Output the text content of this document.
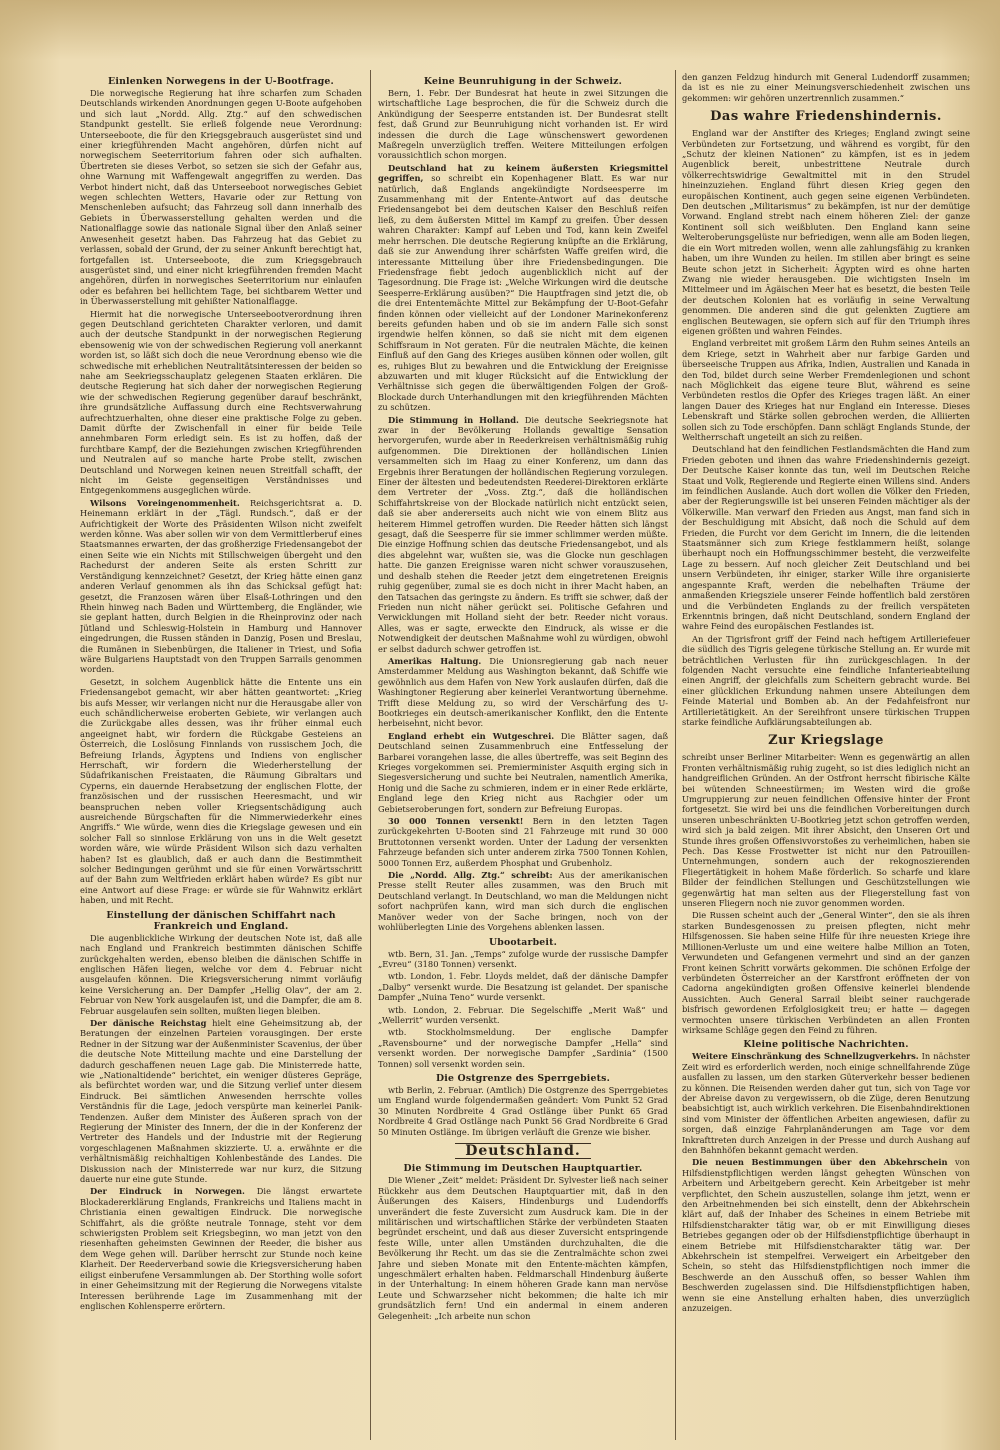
Einlenken Norwegens in der U-Bootfrage.

Die norwegische Regierung hat ihre scharfen zum Schaden Deutschlands wirkenden Anordnungen gegen U-Boote aufgehoben und sich laut „Nordd. Allg. Ztg.“ auf den schwedischen Standpunkt gestellt. Sie erließ folgende neue Verordnung: Unterseeboote, die für den Kriegsgebrauch ausgerüstet sind und einer kriegführenden Macht angehören, dürfen nicht auf norwegischem Seeterritorium fahren oder sich aufhalten. Übertreten sie dieses Verbot, so setzen sie sich der Gefahr aus, ohne Warnung mit Waffengewalt angegriffen zu werden. Das Verbot hindert nicht, daß das Unterseeboot norwegisches Gebiet wegen schlechten Wetters, Havarie oder zur Rettung von Menschenleben aufsucht; das Fahrzeug soll dann innerhalb des Gebiets in Überwasserstellung gehalten werden und die Nationalflagge sowie das nationale Signal über den Anlaß seiner Anwesenheit gesetzt haben. Das Fahrzeug hat das Gebiet zu verlassen, sobald der Grund, der zu seiner Ankunft berechtigt hat, fortgefallen ist. Unterseeboote, die zum Kriegsgebrauch ausgerüstet sind, und einer nicht kriegführenden fremden Macht angehören, dürfen in norwegisches Seeterritorium nur einlaufen oder es befahren bei hellichtem Tage, bei sichtbarem Wetter und in Überwasserstellung mit gehißter Nationalflagge.

Hiermit hat die norwegische Unterseebootverordnung ihren gegen Deutschland gerichteten Charakter verloren, und damit auch der deutsche Standpunkt in der norwegischen Regierung ebensowenig wie von der schwedischen Regierung voll anerkannt worden ist, so läßt sich doch die neue Verordnung ebenso wie die schwedische mit erheblichen Neutralitätsinteressen der beiden so nahe am Seekriegsschauplatz gelegenen Staaten erklären. Die deutsche Regierung hat sich daher der norwegischen Regierung wie der schwedischen Regierung gegenüber darauf beschränkt, ihre grundsätzliche Auffassung durch eine Rechtsverwahrung aufrechtzuerhalten, ohne dieser eine praktische Folge zu geben. Damit dürfte der Zwischenfall in einer für beide Teile annehmbaren Form erledigt sein. Es ist zu hoffen, daß der furchtbare Kampf, der die Beziehungen zwischen Kriegführenden und Neutralen auf so manche harte Probe stellt, zwischen Deutschland und Norwegen keinen neuen Streitfall schafft, der nicht im Geiste gegenseitigen Verständnisses und Entgegenkommens ausgeglichen würde.

Wilsons Voreingenommenheit. Reichsgerichtsrat a. D. Heinemann erklärt in der „Tägl. Rundsch.“, daß er der Aufrichtigkeit der Worte des Präsidenten Wilson nicht zweifelt werden könne. Was aber sollen wir von dem Vermittlerberuf eines Staatsmannes erwarten, der das großherzige Friedensangebot der einen Seite wie ein Nichts mit Stillschweigen übergeht und den Rachedurst der anderen Seite als ersten Schritt zur Verständigung kennzeichnet? Gesetzt, der Krieg hätte einen ganz anderen Verlauf genommen als ihn das Schicksal gefügt hat: gesetzt, die Franzosen wären über Elsaß-Lothringen und den Rhein hinweg nach Baden und Württemberg, die Engländer, wie sie geplant hatten, durch Belgien in die Rheinprovinz oder nach Jütland und Schleswig-Holstein in Hamburg und Hannover eingedrungen, die Russen ständen in Danzig, Posen und Breslau, die Rumänen in Siebenbürgen, die Italiener in Triest, und Sofia wäre Bulgariens Hauptstadt von den Truppen Sarrails genommen worden.

Gesetzt, in solchem Augenblick hätte die Entente uns ein Friedensangebot gemacht, wir aber hätten geantwortet: „Krieg bis aufs Messer, wir verlangen nicht nur die Herausgabe aller von euch schändlicherweise eroberten Gebiete, wir verlangen auch die Zurückgabe alles dessen, was ihr früher einmal euch angeeignet habt, wir fordern die Rückgabe Gesteiens an Österreich, die Loslösung Finnlands von russischem Joch, die Befreiung Irlands, Ägyptens und Indiens von englischer Herrschaft, wir fordern die Wiederherstellung der Südafrikanischen Freistaaten, die Räumung Gibraltars und Cyperns, ein dauernde Herabsetzung der englischen Flotte, der französischen und der russischen Heeresmacht, und wir beanspruchen neben voller Kriegsentschädigung auch ausreichende Bürgschaften für die Nimmerwiederkehr eines Angriffs.“ Wie würde, wenn dies die Kriegslage gewesen und ein solcher Fall so sinnlose Erklärung von uns in die Welt gesetzt worden wäre, wie würde Präsident Wilson sich dazu verhalten haben? Ist es glaublich, daß er auch dann die Bestimmtheit solcher Bedingungen gerühmt und sie für einen Vorwärtsschritt auf der Bahn zum Weltfrieden erklärt haben würde? Es gibt nur eine Antwort auf diese Frage: er würde sie für Wahnwitz erklärt haben, und mit Recht.

Einstellung der dänischen Schiffahrt nach Frankreich und England.

Die augenblickliche Wirkung der deutschen Note ist, daß alle nach England und Frankreich bestimmten dänischen Schiffe zurückgehalten werden, ebenso bleiben die dänischen Schiffe in englischen Häfen liegen, welche vor dem 4. Februar nicht ausgelaufen können. Die Kriegsversicherung nimmt vorläufig keine Versicherung an. Der Dampfer „Hellig Olav“, der am 2. Februar von New York ausgelaufen ist, und die Dampfer, die am 8. Februar ausgelaufen sein sollten, mußten liegen bleiben.

Der dänische Reichstag hielt eine Geheimsitzung ab, der Beratungen der einzelnen Parteien vorausgingen. Der erste Redner in der Sitzung war der Außenminister Scavenius, der über die deutsche Note Mitteilung machte und eine Darstellung der dadurch geschaffenen neuen Lage gab. Die Ministerrede hatte, wie „Nationaltidende“ berichtet, ein weniger düsteres Gepräge, als befürchtet worden war, und die Sitzung verlief unter diesem Eindruck. Bei sämtlichen Anwesenden herrschte volles Verständnis für die Lage, jedoch verspürte man keinerlei Panik-Tendenzen. Außer dem Minister des Äußeren sprach von der Regierung der Minister des Innern, der die in der Konferenz der Vertreter des Handels und der Industrie mit der Regierung vorgeschlagenen Maßnahmen skizzierte. U. a. erwähnte er die verhältnismäßig reichhaltigen Kohlenbestände des Landes. Die Diskussion nach der Ministerrede war nur kurz, die Sitzung dauerte nur eine gute Stunde.

Der Eindruck in Norwegen. Die längst erwartete Blockadererklärung Englands, Frankreichs und Italiens macht in Christiania einen gewaltigen Eindruck. Die norwegische Schiffahrt, als die größte neutrale Tonnage, steht vor dem schwierigsten Problem seit Kriegsbeginn, wo man jetzt von den riesenhaften geheimsten Gewinnen der Reeder, die bisher aus dem Wege gehen will. Darüber herrscht zur Stunde noch keine Klarheit. Der Reederverband sowie die Kriegsversicherung haben eiligst einberufene Versammlungen ab. Der Storthing wolle sofort in einer Geheimsitzung mit der Regierung die Norwegens vitalste Interessen berührende Lage im Zusammenhang mit der englischen Kohlensperre erörtern.

Keine Beunruhigung in der Schweiz.

Bern, 1. Febr. Der Bundesrat hat heute in zwei Sitzungen die wirtschaftliche Lage besprochen, die für die Schweiz durch die Ankündigung der Seesperre entstanden ist. Der Bundesrat stellt fest, daß Grund zur Beunruhigung nicht vorhanden ist. Er wird indessen die durch die Lage wünschenswert gewordenen Maßregeln unverzüglich treffen. Weitere Mitteilungen erfolgen voraussichtlich schon morgen.

Deutschland hat zu keinem äußersten Kriegsmittel gegriffen, so schreibt ein Kopenhagener Blatt. Es war nur natürlich, daß Englands angekündigte Nordseesperre im Zusammenhang mit der Entente-Antwort auf das deutsche Friedensangebot bei dem deutschen Kaiser den Beschluß reifen ließ, zu dem äußersten Mittel im Kampf zu greifen. Über dessen wahren Charakter: Kampf auf Leben und Tod, kann kein Zweifel mehr herrschen. Die deutsche Regierung knüpfte an die Erklärung, daß sie zur Anwendung ihrer schärfsten Waffe greifen wird, die interessante Mitteilung über ihre Friedensbedingungen. Die Friedensfrage fiebt jedoch augenblicklich nicht auf der Tagesordnung. Die Frage ist: „Welche Wirkungen wird die deutsche Seesperre-Erklärung ausüben?“ Die Hauptfragen sind jetzt die, ob die drei Ententemächte Mittel zur Bekämpfung der U-Boot-Gefahr finden können oder vielleicht auf der Londoner Marinekonferenz bereits gefunden haben und ob sie im andern Falle sich sonst irgendwie helfen können, so daß sie nicht mit dem eigenen Schiffsraum in Not geraten. Für die neutralen Mächte, die keinen Einfluß auf den Gang des Krieges ausüben können oder wollen, gilt es, ruhiges Blut zu bewahren und die Entwicklung der Ereignisse abzuwarten und mit kluger Rücksicht auf die Entwicklung der Verhältnisse sich gegen die überwältigenden Folgen der Groß-Blockade durch Unterhandlungen mit den kriegführenden Mächten zu schützen.

Die Stimmung in Holland. Die deutsche Seekriegsnote hat zwar in der Bevölkerung Hollands gewaltige Sensation hervorgerufen, wurde aber in Reederkreisen verhältnismäßig ruhig aufgenommen. Die Direktionen der holländischen Linien versammelten sich im Haag zu einer Konferenz, um dann das Ergebnis ihrer Beratungen der holländischen Regierung vorzulegen. Einer der ältesten und bedeutendsten Reederei-Direktoren erklärte dem Vertreter der „Voss. Ztg.“, daß die holländischen Schiffahrtskreise von der Blockade natürlich nicht entzückt seien, daß sie aber andererseits auch nicht wie von einem Blitz aus heiterem Himmel getroffen wurden. Die Reeder hätten sich längst gesagt, daß die Seesperre für sie immer schlimmer werden müßte. Die einzige Hoffnung schien das deutsche Friedensangebot, und als dies abgelehnt war, wußten sie, was die Glocke nun geschlagen hatte. Die ganzen Ereignisse waren nicht schwer vorauszusehen, und deshalb stehen die Reeder jetzt dem eingetretenen Ereignis ruhig gegenüber, zumal sie es doch nicht in ihrer Macht haben, an den Tatsachen das geringste zu ändern. Es trifft sie schwer, daß der Frieden nun nicht näher gerückt sei. Politische Gefahren und Verwicklungen mit Holland sieht der betr. Reeder nicht voraus. Alles, was er sagte, erweckte den Eindruck, als wisse er die Notwendigkeit der deutschen Maßnahme wohl zu würdigen, obwohl er selbst dadurch schwer getroffen ist.

Amerikas Haltung. Die Unionsregierung gab nach neuer Amsterdammer Meldung aus Washington bekannt, daß Schiffe wie gewöhnlich aus dem Hafen von New York auslaufen dürfen, daß die Washingtoner Regierung aber keinerlei Verantwortung übernehme. Trifft diese Meldung zu, so wird der Verschärfung des U-Bootkrieges ein deutsch-amerikanischer Konflikt, den die Entente herbeisehnt, nicht bevor.

England erhebt ein Wutgeschrei. Die Blätter sagen, daß Deutschland seinen Zusammenbruch eine Entfesselung der Barbarei vorangehen lasse, die alles übertreffe, was seit Beginn des Krieges vorgekommen sei. Premierminister Asquith erging sich in Siegesversicherung und suchte bei Neutralen, namentlich Amerika, Honig und die Sache zu schmieren, indem er in einer Rede erklärte, England lege den Krieg nicht aus Rachgier oder um Gebietseroberungen fort, sondern zur Befreiung Europas.

30 000 Tonnen versenkt! Bern in den letzten Tagen zurückgekehrten U-Booten sind 21 Fahrzeuge mit rund 30 000 Bruttotonnen versenkt worden. Unter der Ladung der versenkten Fahrzeuge befanden sich unter anderem zirka 7500 Tonnen Kohlen, 5000 Tonnen Erz, außerdem Phosphat und Grubenholz.

Die „Nordd. Allg. Ztg.“ schreibt: Aus der amerikanischen Presse stellt Reuter alles zusammen, was den Bruch mit Deutschland verlangt. In Deutschland, wo man die Meldungen nicht sofort nachprüfen kann, wird man sich durch die englischen Manöver weder von der Sache bringen, noch von der wohlüberlegten Linie des Vorgehens ablenken lassen.

Ubootarbeit.

wtb. Bern, 31. Jan. „Temps“ zufolge wurde der russische Dampfer „Evreu“ (3180 Tonnen) versenkt.

wtb. London, 1. Febr. Lloyds meldet, daß der dänische Dampfer „Dalby“ versenkt wurde. Die Besatzung ist gelandet. Der spanische Dampfer „Nuina Teno“ wurde versenkt.

wtb. London, 2. Februar. Die Segelschiffe „Merit Waß“ und „Wellerrit“ wurden versenkt.

wtb. Stockholmsmeldung. Der englische Dampfer „Ravensbourne“ und der norwegische Dampfer „Hella“ sind versenkt worden. Der norwegische Dampfer „Sardinia“ (1500 Tonnen) soll versenkt worden sein.

Die Ostgrenze des Sperrgebiets.

wtb Berlin, 2. Februar. (Amtlich) Die Ostgrenze des Sperrgebietes um England wurde folgendermaßen geändert: Vom Punkt 52 Grad 30 Minuten Nordbreite 4 Grad Ostlänge über Punkt 65 Grad Nordbreite 4 Grad Ostlänge nach Punkt 56 Grad Nordbreite 6 Grad 50 Minuten Ostlänge. Im übrigen verläuft die Grenze wie bisher.

Deutschland.
Die Stimmung im Deutschen Hauptquartier.

Die Wiener „Zeit“ meldet: Präsident Dr. Sylvester ließ nach seiner Rückkehr aus dem Deutschen Hauptquartier mit, daß in den Äußerungen des Kaisers, Hindenburgs und Ludendorffs unverändert die feste Zuversicht zum Ausdruck kam. Die in der militärischen und wirtschaftlichen Stärke der verbündeten Staaten begründet erscheint, und daß aus dieser Zuversicht entspringende feste Wille, unter allen Umständen durchzuhalten, die die Bevölkerung ihr Recht. um das sie die Zentralmächte schon zwei Jahre und sieben Monate mit den Entente-mächten kämpfen, ungeschmälert erhalten haben. Feldmarschall Hindenburg äußerte in der Unterhaltung: In einem höheren Grade kann man nervöse Leute und Schwarzseher nicht bekommen; die halte ich mir grundsätzlich fern! Und ein andermal in einem anderen Gelegenheit: „Ich arbeite nun schon

den ganzen Feldzug hindurch mit General Ludendorff zusammen; da ist es nie zu einer Meinungsverschiedenheit zwischen uns gekommen: wir gehören unzertrennlich zusammen.“

Das wahre Friedenshindernis.

England war der Anstifter des Krieges; England zwingt seine Verbündeten zur Fortsetzung, und während es vorgibt, für den „Schutz der kleinen Nationen“ zu kämpfen, ist es in jedem Augenblick bereit, unbestrittene Neutrale durch völkerrechtswidrige Gewaltmittel mit in den Strudel hineinzuziehen. England führt diesen Krieg gegen den europäischen Kontinent, auch gegen seine eigenen Verbündeten. Den deutschen „Militarismus“ zu bekämpfen, ist nur der demütige Vorwand. England strebt nach einem höheren Ziel: der ganze Kontinent soll sich weißbluten. Den England kann seine Welteroberungsgelüste nur befriedigen, wenn alle am Boden liegen, die ein Wort mitreden wollen, wenn alle zahlungsfähig zu kranken haben, um ihre Wunden zu heilen. Im stillen aber bringt es seine Beute schon jetzt in Sicherheit: Ägypten wird es ohne harten Zwang nie wieder herausgeben. Die wichtigsten Inseln im Mittelmeer und im Ägäischen Meer hat es besetzt, die besten Teile der deutschen Kolonien hat es vorläufig in seine Verwaltung genommen. Die anderen sind die gut gelenkten Zugtiere am englischen Beutewagen, sie opfern sich auf für den Triumph ihres eigenen größten und wahren Feindes.

England verbreitet mit großem Lärm den Ruhm seines Anteils an dem Kriege, setzt in Wahrheit aber nur farbige Garden und überseeische Truppen aus Afrika, Indien, Australien und Kanada in den Tod, bildet durch seine Werber Fremdenlegionen und schont nach Möglichkeit das eigene teure Blut, während es seine Verbündeten restlos die Opfer des Krieges tragen läßt. An einer langen Dauer des Krieges hat nur England ein Interesse. Dieses Lebenskraft und Stärke sollen gebrochen werden, die Alliierten sollen sich zu Tode erschöpfen. Dann schlägt Englands Stunde, der Weltherrschaft ungeteilt an sich zu reißen.

Deutschland hat den feindlichen Festlandsmächten die Hand zum Frieden geboten und ihnen das wahre Friedenshindernis gezeigt. Der Deutsche Kaiser konnte das tun, weil im Deutschen Reiche Staat und Volk, Regierende und Regierte einen Willens sind. Anders im feindlichen Auslande. Auch dort wollen die Völker den Frieden, aber der Regierungswille ist bei unseren Feinden mächtiger als der Völkerwille. Man verwarf den Frieden aus Angst, man fand sich in der Beschuldigung mit Absicht, daß noch die Schuld auf dem Frieden, die Furcht vor dem Gericht im Innern, die die leitenden Staatsmänner sich zum Kriege festklammern heißt, solange überhaupt noch ein Hoffnungsschimmer besteht, die verzweifelte Lage zu bessern. Auf noch gleicher Zeit Deutschland und bei unsern Verbündeten, ihr einiger, starker Wille ihre organisierte angespannte Kraft, werden die nebelhaften Träume der anmaßenden Kriegsziele unserer Feinde hoffentlich bald zerstören und die Verbündeten Englands zu der freilich verspäteten Erkenntnis bringen, daß nicht Deutschland, sondern England der wahre Feind des europäischen Festlandes ist.

An der Tigrisfront griff der Feind nach heftigem Artilleriefeuer die südlich des Tigris gelegene türkische Stellung an. Er wurde mit beträchtlichen Verlusten für ihn zurückgeschlagen. In der folgenden Nacht versuchte eine feindliche Infanterieabteilung einen Angriff, der gleichfalls zum Scheitern gebracht wurde. Bei einer glücklichen Erkundung nahmen unsere Abteilungen dem Feinde Material und Bomben ab. An der Fedahfeisfront nur Artillerietätigkeit. An der Sereihfront unsere türkischen Truppen starke feindliche Aufklärungsabteilungen ab.

Zur Kriegslage

schreibt unser Berliner Mitarbeiter: Wenn es gegenwärtig an allen Fronten verhältnismäßig ruhig zugeht, so ist dies lediglich nicht an handgreiflichen Gründen. An der Ostfront herrscht fibirische Kälte bei wütenden Schneestürmen; im Westen wird die große Umgruppierung zur neuen feindlichen Offensive hinter der Front fortgesetzt. Sie wird bei uns die feindlichen Vorbereitungen durch unseren unbeschränkten U-Bootkrieg jetzt schon getroffen werden, wird sich ja bald zeigen. Mit ihrer Absicht, den Unseren Ort und Stunde ihres großen Offensivvorstoßes zu verheimlichen, haben sie Pech. Das Kesse Frostwetter ist nicht nur den Patrouillen-Unternehmungen, sondern auch der rekognoszierenden Fliegertätigkeit in hohem Maße förderlich. So scharfe und klare Bilder der feindlichen Stellungen und Geschützstellungen wie gegenwärtig hat man selten aus der Fliegerstellung fast von unseren Fliegern noch nie zuvor genommen worden.

Die Russen scheint auch der „General Winter“, den sie als ihren starken Bundesgenossen zu preisen pflegten, nicht mehr Hilfsgenossen. Sie haben seine Hilfe für ihre neuesten Kriege ihre Millionen-Verluste um und eine weitere halbe Million an Toten, Verwundeten und Gefangenen vermehrt und sind an der ganzen Front keinen Schritt vorwärts gekommen. Die schönen Erfolge der verbündeten Österreicher an der Karstfront eröffneten der von Cadorna angekündigten großen Offensive keinerlei blendende Aussichten. Auch General Sarrail bleibt seiner rauchgerade bisfrisch gewordenen Erfolglosigkeit treu; er hatte — dagegen vermochten unsere türkischen Verbündeten an allen Fronten wirksame Schläge gegen den Feind zu führen.

Kleine politische Nachrichten.

Weitere Einschränkung des Schnellzugverkehrs. In nächster Zeit wird es erforderlich werden, noch einige schnellfahrende Züge ausfallen zu lassen, um den starken Güterverkehr besser bedienen zu können. Die Reisenden werden daher gut tun, sich von Tage vor der Abreise davon zu vergewissern, ob die Züge, deren Benutzung beabsichtigt ist, auch wirklich verkehren. Die Eisenbahndirektionen sind vom Minister der öffentlichen Arbeiten angewiesen, dafür zu sorgen, daß einzige Fahrplanänderungen am Tage vor dem Inkrafttreten durch Anzeigen in der Presse und durch Aushang auf den Bahnhöfen bekannt gemacht werden.

Die neuen Bestimmungen über den Abkehrschein von Hilfsdienstpflichtigen werden längst gehegten Wünschen von Arbeitern und Arbeitgebern gerecht. Kein Arbeitgeber ist mehr verpflichtet, den Schein auszustellen, solange ihm jetzt, wenn er den Arbeitnehmenden bei sich einstellt, denn der Abkehrschein klärt auf, daß der Inhaber des Scheines in einem Betriebe mit Hilfsdienstcharakter tätig war, ob er mit Einwilligung dieses Betriebes gegangen oder ob der Hilfsdienstpflichtige überhaupt in einem Betriebe mit Hilfsdienstcharakter tätig war. Der Abkehrschein ist stempelfrei. Verweigert ein Arbeitgeber den Schein, so steht das Hilfsdienstpflichtigen noch immer die Beschwerde an den Ausschuß offen, so besser Wahlen ihm Beschwerden zugelassen sind. Die Hilfsdienstpflichtigen haben, wenn sie eine Anstellung erhalten haben, dies unverzüglich anzuzeigen.
